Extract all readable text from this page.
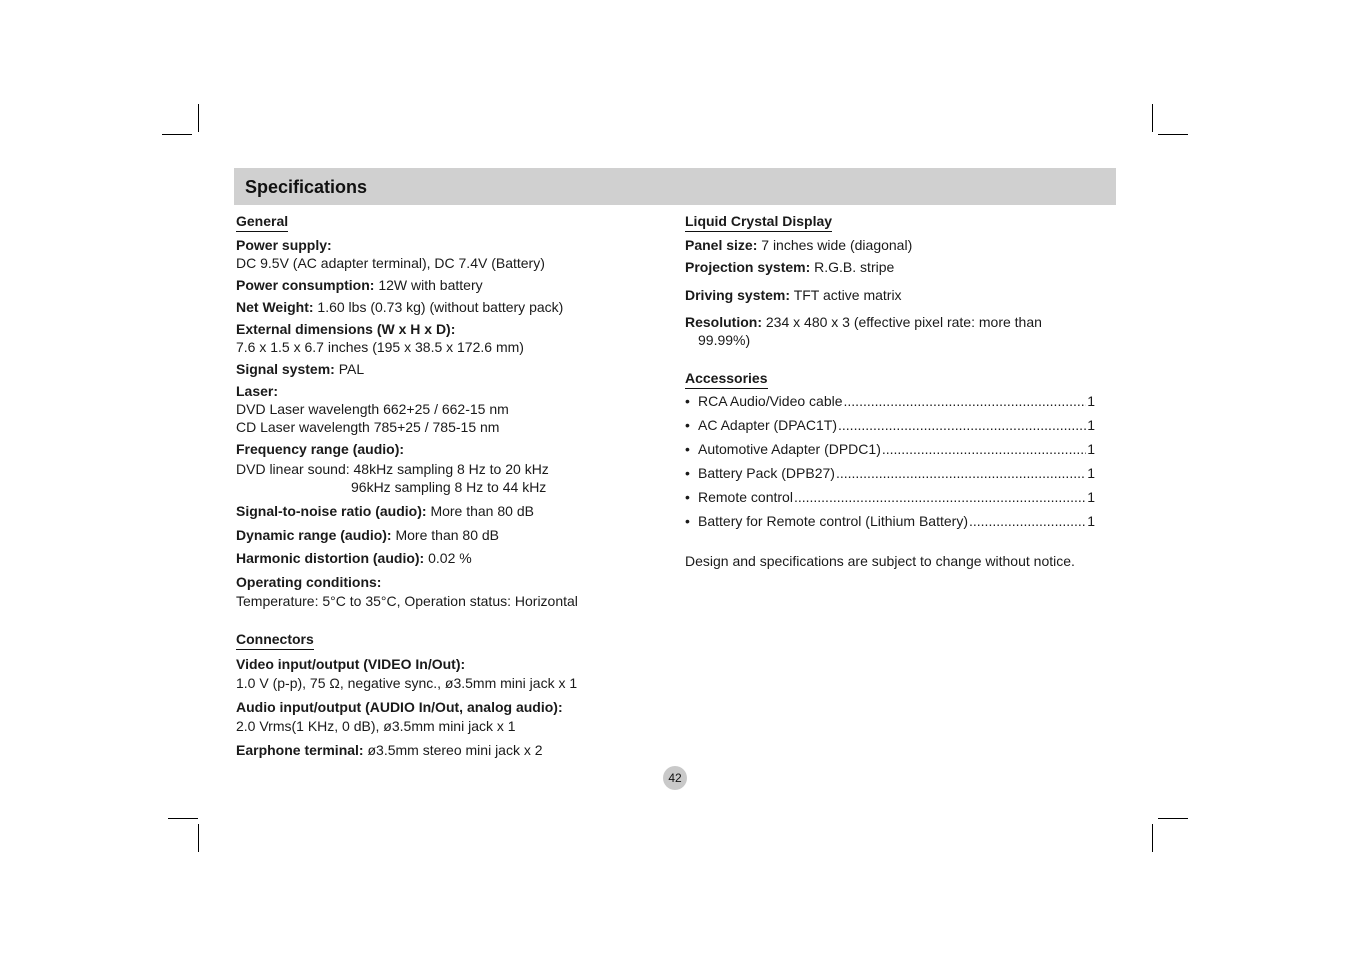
Specifications
General
Power supply:
DC 9.5V (AC adapter terminal), DC 7.4V (Battery)
Power consumption: 12W with battery
Net Weight: 1.60 lbs (0.73 kg) (without battery pack)
External dimensions (W x H x D):
7.6 x 1.5 x 6.7 inches (195 x 38.5 x 172.6 mm)
Signal system: PAL
Laser:
DVD Laser wavelength 662+25 / 662-15 nm
CD Laser wavelength 785+25 / 785-15 nm
Frequency range (audio):
DVD linear sound: 48kHz sampling 8 Hz to 20 kHz
96kHz sampling 8 Hz to 44 kHz
Signal-to-noise ratio (audio): More than 80 dB
Dynamic range (audio): More than 80 dB
Harmonic distortion (audio): 0.02 %
Operating conditions:
Temperature: 5°C to 35°C, Operation status: Horizontal
Connectors
Video input/output (VIDEO In/Out):
1.0 V (p-p), 75 Ω, negative sync., ø3.5mm mini jack x 1
Audio input/output (AUDIO In/Out, analog audio):
2.0 Vrms(1 KHz, 0 dB), ø3.5mm mini jack x 1
Earphone terminal: ø3.5mm stereo mini jack x 2
Liquid Crystal Display
Panel size: 7 inches wide (diagonal)
Projection system: R.G.B. stripe
Driving system: TFT active matrix
Resolution: 234 x 480 x 3 (effective pixel rate: more than
99.99%)
Accessories
• RCA Audio/Video cable .....	1
• AC Adapter (DPAC1T) .....	1
• Automotive Adapter (DPDC1) .....	1
• Battery Pack (DPB27) .....	1
• Remote control .....	1
• Battery for Remote control (Lithium Battery) .....	1
Design and specifications are subject to change without notice.
42
